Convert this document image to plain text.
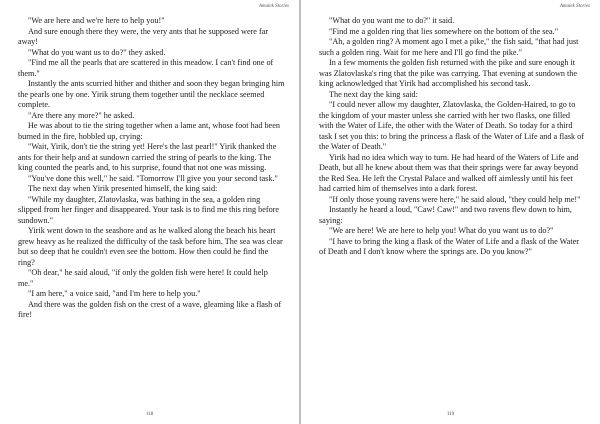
Amalek Stories

"We are here and we're here to help you!"

And sure enough there they were, the very ants that he supposed were far away!

"What do you want us to do?" they asked.

"Find me all the pearls that are scattered in this meadow. I can't find one of them."

Instantly the ants scurried hither and thither and soon they began bringing him the pearls one by one. Yirik strung them together until the necklace seemed complete.

"Are there any more?" he asked.

He was about to tie the string together when a lame ant, whose foot had been burned in the fire, hobbled up, crying:

"Wait, Yirik, don't tie the string yet! Here's the last pearl!" Yirik thanked the ants for their help and at sundown carried the string of pearls to the king. The king counted the pearls and, to his surprise, found that not one was missing.

"You've done this well," he said. "Tomorrow I'll give you your second task."

The next day when Yirik presented himself, the king said:

"While my daughter, Zlatovlaska, was bathing in the sea, a golden ring slipped from her finger and disappeared. Your task is to find me this ring before sundown."

Yirik went down to the seashore and as he walked along the beach his heart grew heavy as he realized the difficulty of the task before him. The sea was clear but so deep that he couldn't even see the bottom. How then could he find the ring?

"Oh dear," he said aloud, "if only the golden fish were here! It could help me."

"I am here," a voice said, "and I'm here to help you."

And there was the golden fish on the crest of a wave, gleaming like a flash of fire!

118
Amalek Stories

"What do you want me to do?" it said.

"Find me a golden ring that lies somewhere on the bottom of the sea."

"Ah, a golden ring? A moment ago I met a pike," the fish said, "that had just such a golden ring. Wait for me here and I'll go find the pike."

In a few moments the golden fish returned with the pike and sure enough it was Zlatovlaska's ring that the pike was carrying. That evening at sundown the king acknowledged that Yirik had accomplished his second task.

The next day the king said:

"I could never allow my daughter, Zlatovlaska, the Golden-Haired, to go to the kingdom of your master unless she carried with her two flasks, one filled with the Water of Life, the other with the Water of Death. So today for a third task I set you this: to bring the princess a flask of the Water of Life and a flask of the Water of Death."

Yirik had no idea which way to turn. He had heard of the Waters of Life and Death, but all he knew about them was that their springs were far away beyond the Red Sea. He left the Crystal Palace and walked off aimlessly until his feet had carried him of themselves into a dark forest.

"If only those young ravens were here," he said aloud, "they could help me!"

Instantly he heard a loud, "Caw! Caw!" and two ravens flew down to him, saying:

"We are here! We are here to help you! What do you want us to do?"

"I have to bring the king a flask of the Water of Life and a flask of the Water of Death and I don't know where the springs are. Do you know?"

119
